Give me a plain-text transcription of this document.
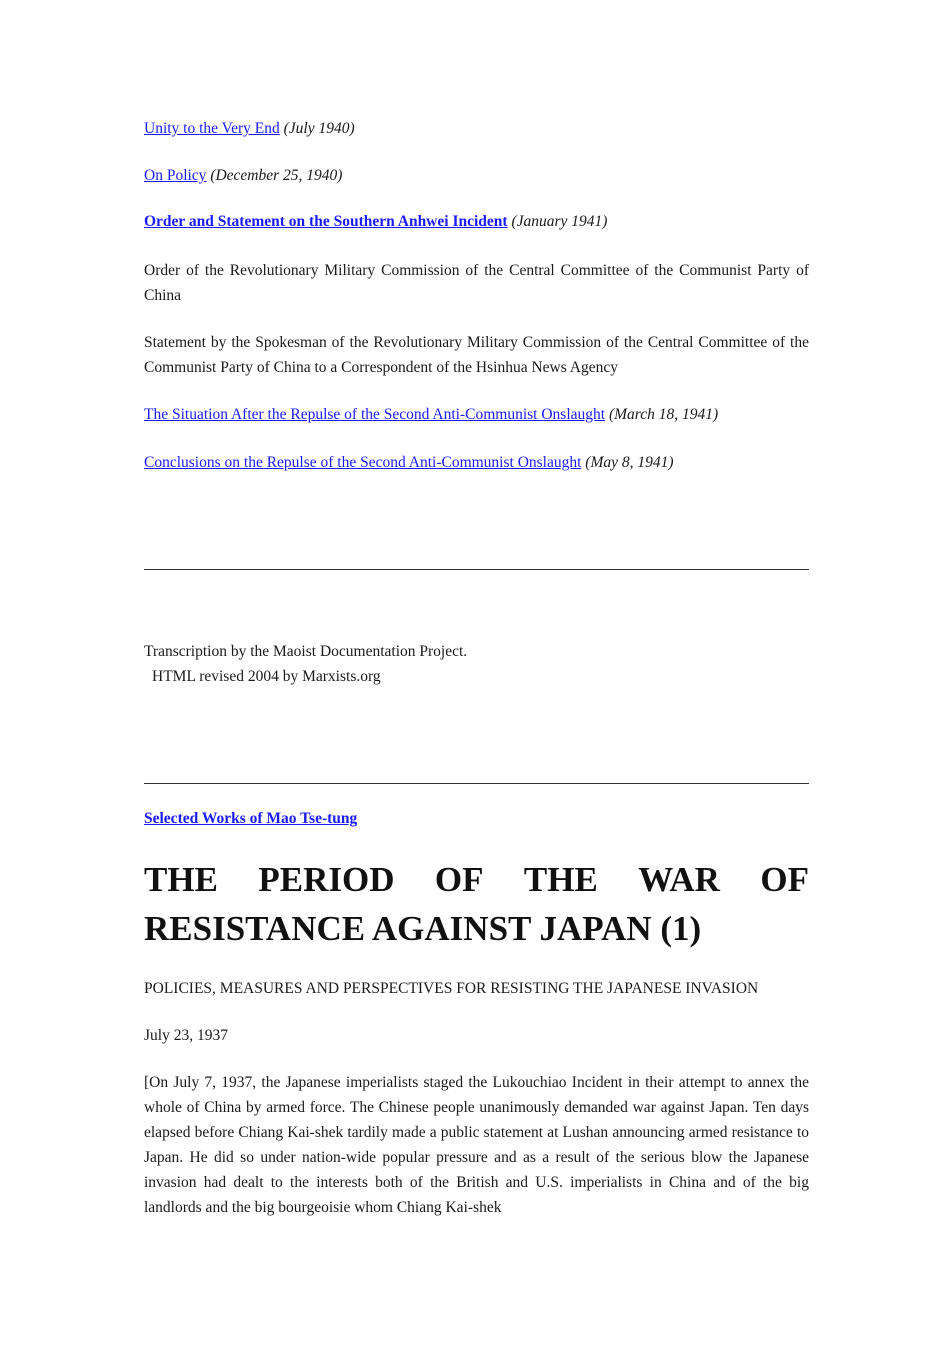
Unity to the Very End (July 1940)
On Policy (December 25, 1940)
Order and Statement on the Southern Anhwei Incident (January 1941)
Order of the Revolutionary Military Commission of the Central Committee of the Communist Party of China
Statement by the Spokesman of the Revolutionary Military Commission of the Central Committee of the Communist Party of China to a Correspondent of the Hsinhua News Agency
The Situation After the Repulse of the Second Anti-Communist Onslaught (March 18, 1941)
Conclusions on the Repulse of the Second Anti-Communist Onslaught (May 8, 1941)
Transcription by the Maoist Documentation Project.
HTML revised 2004 by Marxists.org
Selected Works of Mao Tse-tung
THE PERIOD OF THE WAR OF
RESISTANCE AGAINST JAPAN (1)
POLICIES, MEASURES AND PERSPECTIVES FOR RESISTING THE JAPANESE INVASION
July 23, 1937
[On July 7, 1937, the Japanese imperialists staged the Lukouchiao Incident in their attempt to annex the whole of China by armed force. The Chinese people unanimously demanded war against Japan. Ten days elapsed before Chiang Kai-shek tardily made a public statement at Lushan announcing armed resistance to Japan. He did so under nation-wide popular pressure and as a result of the serious blow the Japanese invasion had dealt to the interests both of the British and U.S. imperialists in China and of the big landlords and the big bourgeoisie whom Chiang Kai-shek
